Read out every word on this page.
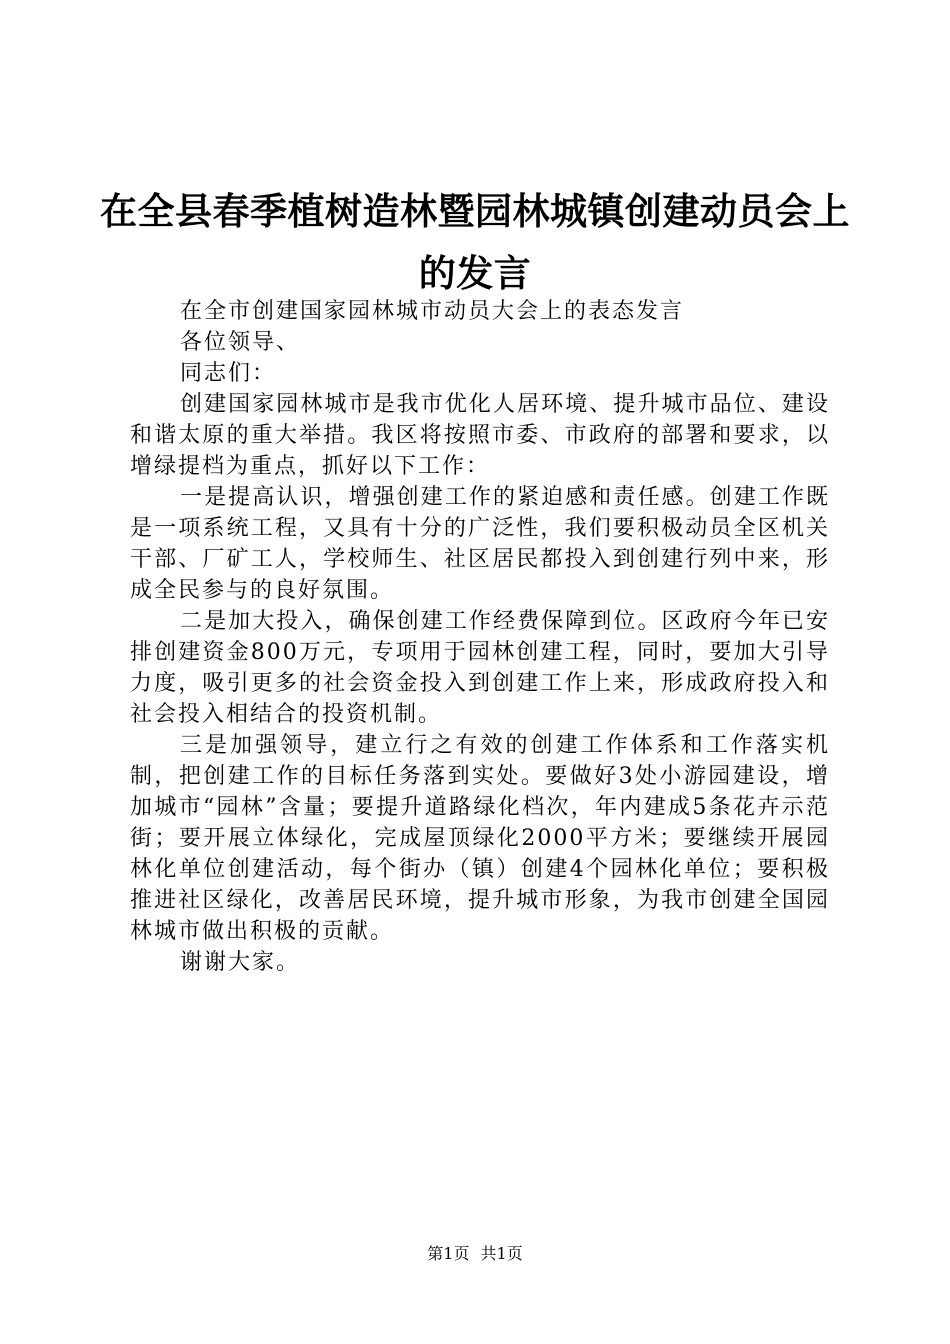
在全县春季植树造林暨园林城镇创建动员会上的发言

在全市创建国家园林城市动员大会上的表态发言

各位领导、

同志们：

创建国家园林城市是我市优化人居环境、提升城市品位、建设和谐太原的重大举措。我区将按照市委、市政府的部署和要求，以增绿提档为重点，抓好以下工作：

一是提高认识，增强创建工作的紧迫感和责任感。创建工作既是一项系统工程，又具有十分的广泛性，我们要积极动员全区机关干部、厂矿工人，学校师生、社区居民都投入到创建行列中来，形成全民参与的良好氛围。

二是加大投入，确保创建工作经费保障到位。区政府今年已安排创建资金800万元，专项用于园林创建工程，同时，要加大引导力度，吸引更多的社会资金投入到创建工作上来，形成政府投入和社会投入相结合的投资机制。

三是加强领导，建立行之有效的创建工作体系和工作落实机制，把创建工作的目标任务落到实处。要做好3处小游园建设，增加城市“园林”含量；要提升道路绿化档次，年内建成5条花卉示范街；要开展立体绿化，完成屋顶绿化2000平方米；要继续开展园林化单位创建活动，每个街办（镇）创建4个园林化单位；要积极推进社区绿化，改善居民环境，提升城市形象，为我市创建全国园林城市做出积极的贡献。

谢谢大家。

第1页 共1页
